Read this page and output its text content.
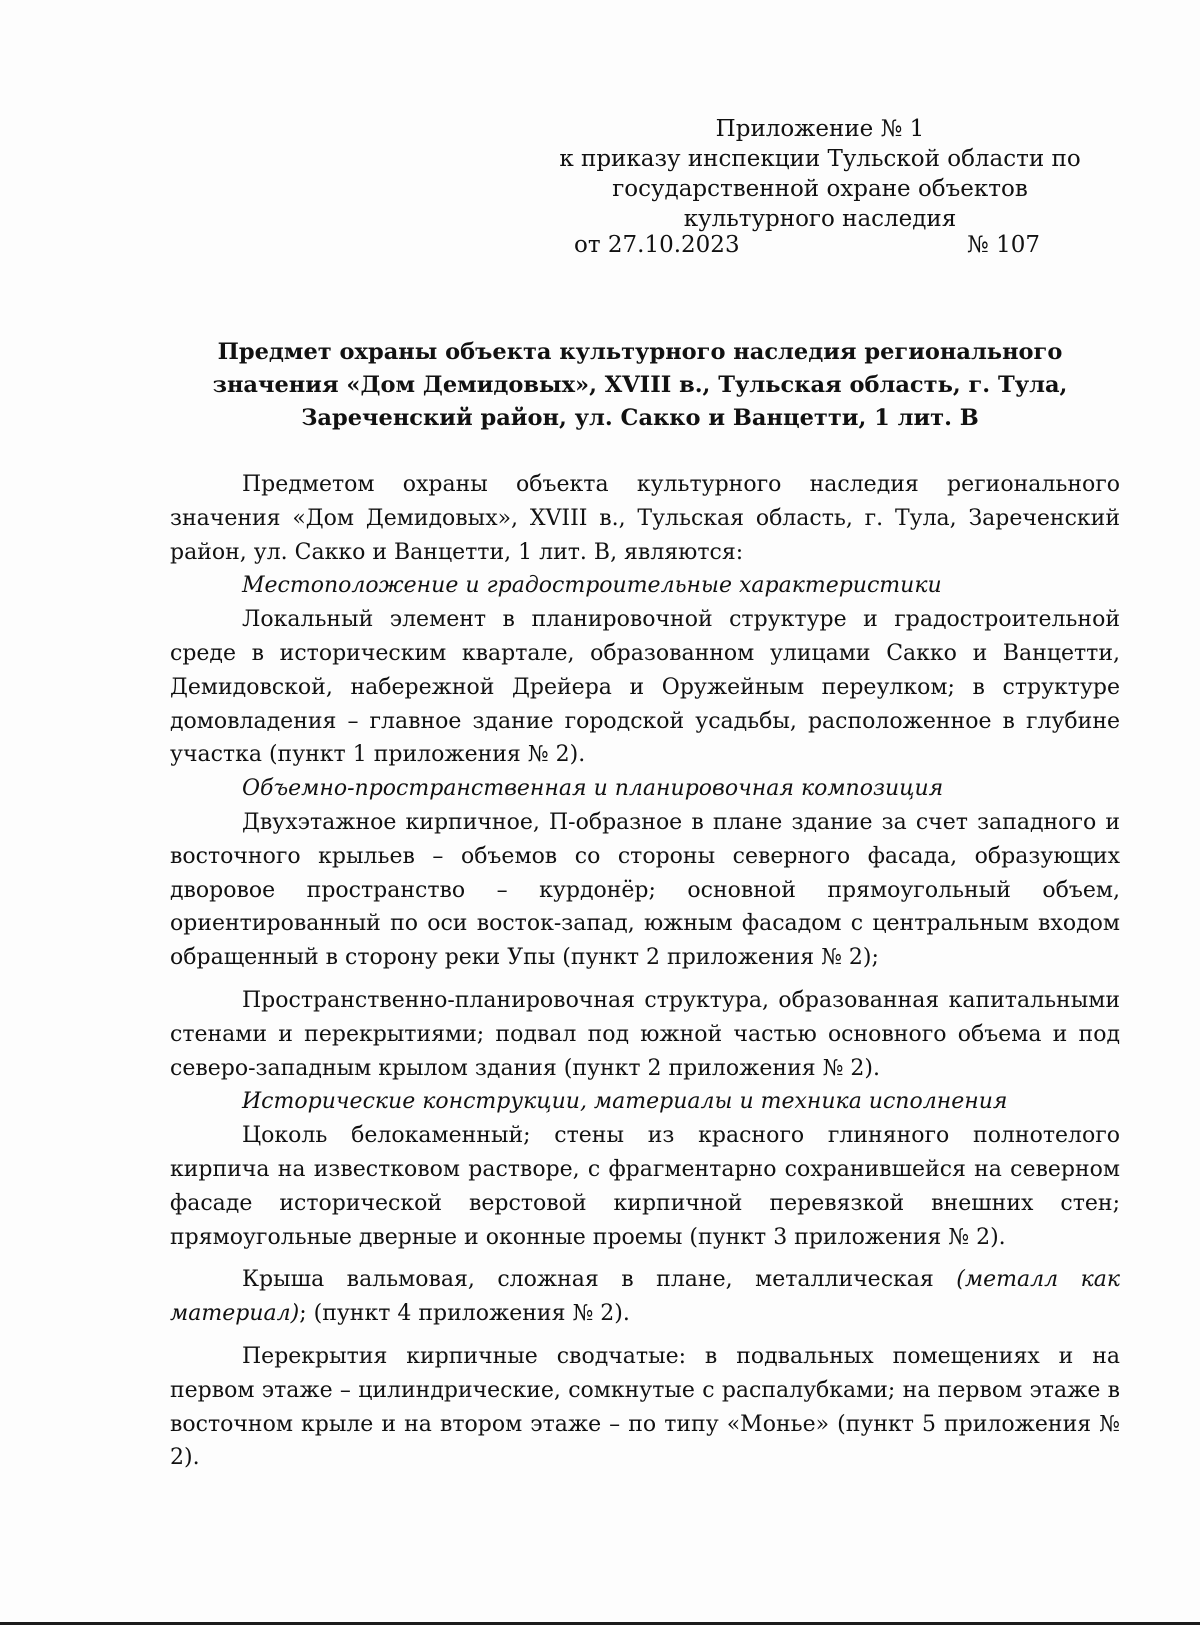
Приложение № 1
к приказу инспекции Тульской области по
государственной охране объектов
культурного наследия
от 27.10.2023	№ 107
Предмет охраны объекта культурного наследия регионального значения «Дом Демидовых», XVIII в., Тульская область, г. Тула, Зареченский район, ул. Сакко и Ванцетти, 1 лит. В

Предметом охраны объекта культурного наследия регионального значения «Дом Демидовых», XVIII в., Тульская область, г. Тула, Зареченский район, ул. Сакко и Ванцетти, 1 лит. В, являются:

Местоположение и градостроительные характеристики

Локальный элемент в планировочной структуре и градостроительной среде в историческим квартале, образованном улицами Сакко и Ванцетти, Демидовской, набережной Дрейера и Оружейным переулком; в структуре домовладения – главное здание городской усадьбы, расположенное в глубине участка (пункт 1 приложения № 2).

Объемно-пространственная и планировочная композиция

Двухэтажное кирпичное, П-образное в плане здание за счет западного и восточного крыльев – объемов со стороны северного фасада, образующих дворовое пространство – курдонёр; основной прямоугольный объем, ориентированный по оси восток-запад, южным фасадом с центральным входом обращенный в сторону реки Упы (пункт 2 приложения № 2);

Пространственно-планировочная структура, образованная капитальными стенами и перекрытиями; подвал под южной частью основного объема и под северо-западным крылом здания (пункт 2 приложения № 2).

Исторические конструкции, материалы и техника исполнения

Цоколь белокаменный; стены из красного глиняного полнотелого кирпича на известковом растворе, с фрагментарно сохранившейся на северном фасаде исторической верстовой кирпичной перевязкой внешних стен; прямоугольные дверные и оконные проемы (пункт 3 приложения № 2).

Крыша вальмовая, сложная в плане, металлическая (металл как материал); (пункт 4 приложения № 2).

Перекрытия кирпичные сводчатые: в подвальных помещениях и на первом этаже – цилиндрические, сомкнутые с распалубками; на первом этаже в восточном крыле и на втором этаже – по типу «Монье» (пункт 5 приложения № 2).
